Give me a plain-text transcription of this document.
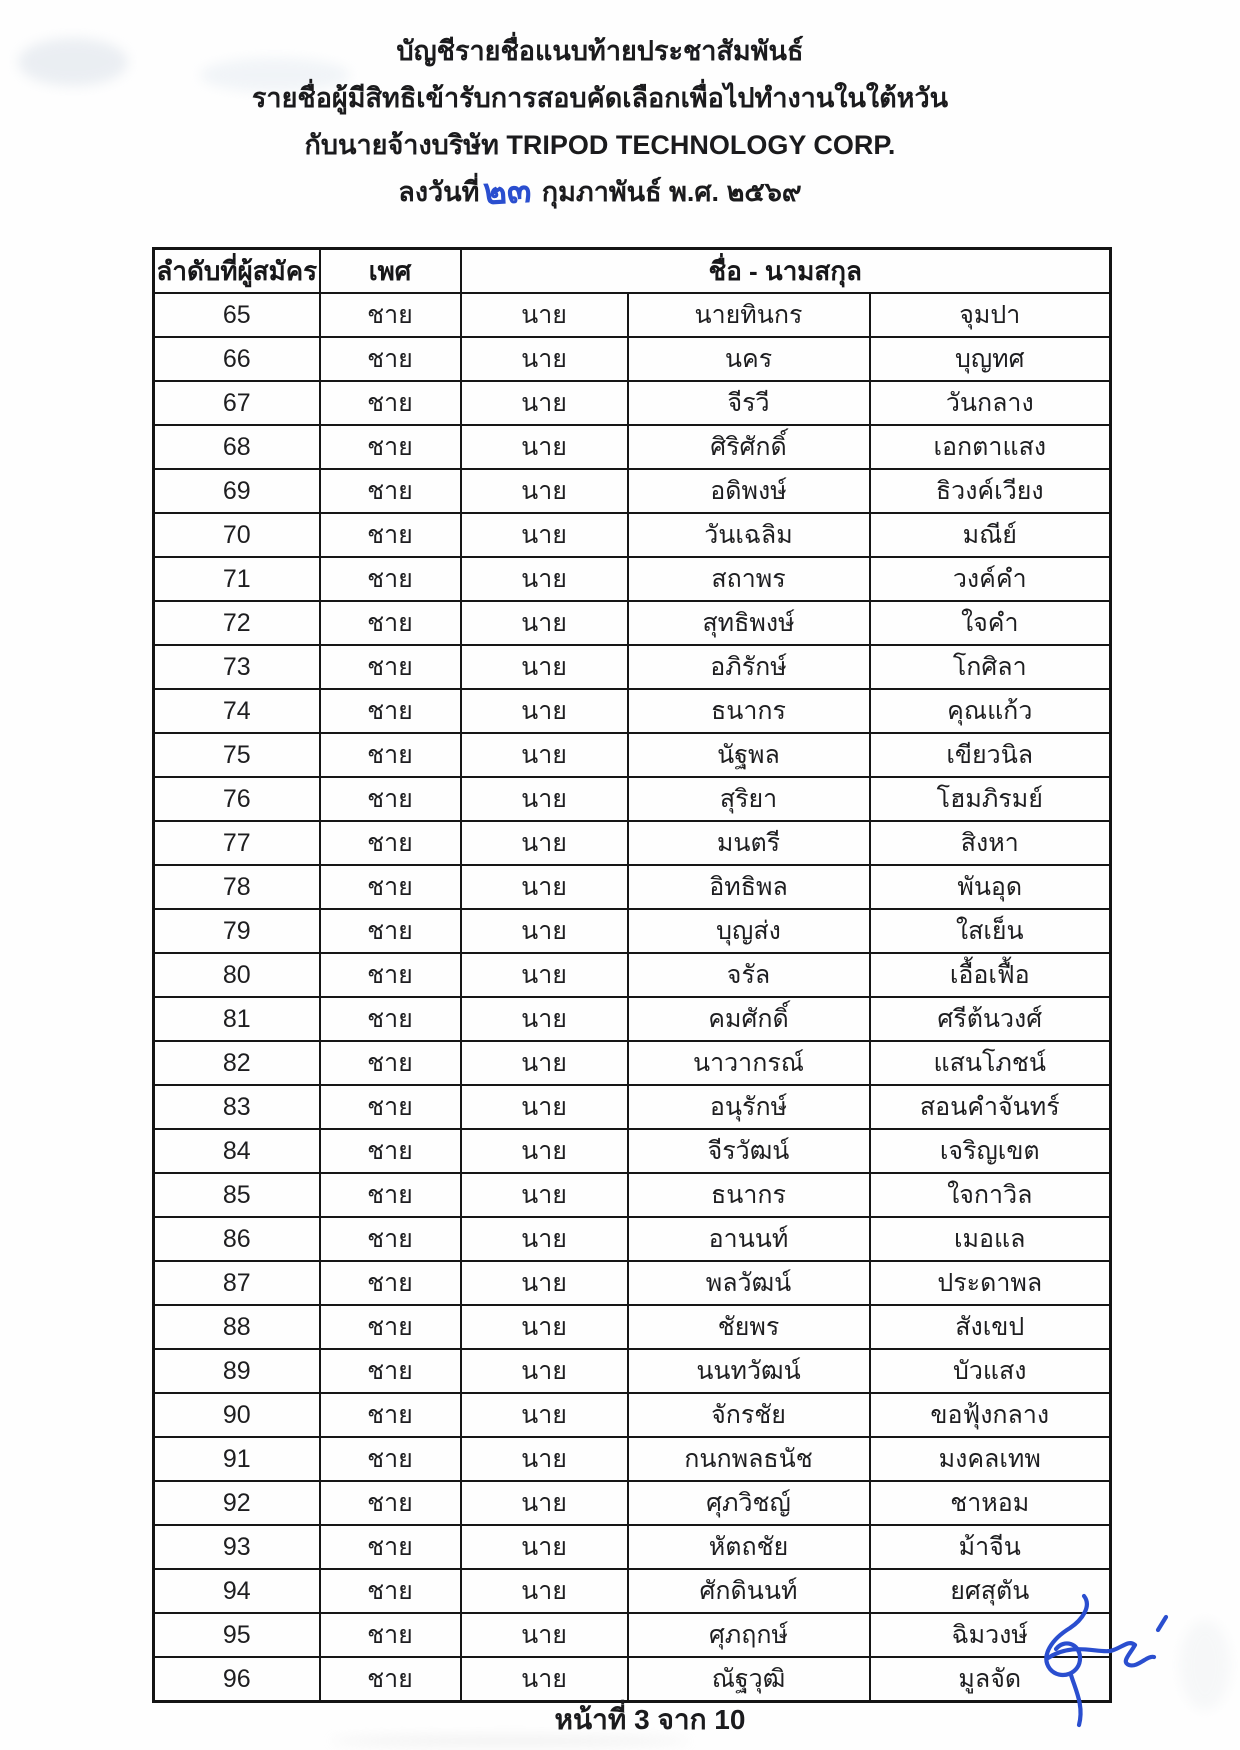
บัญชีรายชื่อแนบท้ายประชาสัมพันธ์
รายชื่อผู้มีสิทธิเข้ารับการสอบคัดเลือกเพื่อไปทำงานในใต้หวัน
กับนายจ้างบริษัท TRIPOD TECHNOLOGY CORP.
ลงวันที่๒๓ กุมภาพันธ์ พ.ศ. ๒๕๖๙
ลำดับที่ผู้สมัคร	เพศ	ชื่อ - นามสกุล		
65	ชาย	นาย	นายทินกร	จุมปา
66	ชาย	นาย	นคร	บุญทศ
67	ชาย	นาย	จีรวี	วันกลาง
68	ชาย	นาย	ศิริศักดิ์	เอกตาแสง
69	ชาย	นาย	อดิพงษ์	ธิวงค์เวียง
70	ชาย	นาย	วันเฉลิม	มณีย์
71	ชาย	นาย	สถาพร	วงค์คำ
72	ชาย	นาย	สุทธิพงษ์	ใจคำ
73	ชาย	นาย	อภิรักษ์	โกศิลา
74	ชาย	นาย	ธนากร	คุณแก้ว
75	ชาย	นาย	นัฐพล	เขียวนิล
76	ชาย	นาย	สุริยา	โฮมภิรมย์
77	ชาย	นาย	มนตรี	สิงหา
78	ชาย	นาย	อิทธิพล	พันอุด
79	ชาย	นาย	บุญส่ง	ใสเย็น
80	ชาย	นาย	จรัล	เอื้อเฟื้อ
81	ชาย	นาย	คมศักดิ์	ศรีต้นวงศ์
82	ชาย	นาย	นาวากรณ์	แสนโภชน์
83	ชาย	นาย	อนุรักษ์	สอนคำจันทร์
84	ชาย	นาย	จีรวัฒน์	เจริญเขต
85	ชาย	นาย	ธนากร	ใจกาวิล
86	ชาย	นาย	อานนท์	เมอแล
87	ชาย	นาย	พลวัฒน์	ประดาพล
88	ชาย	นาย	ชัยพร	สังเขป
89	ชาย	นาย	นนทวัฒน์	บัวแสง
90	ชาย	นาย	จักรชัย	ขอฟุ้งกลาง
91	ชาย	นาย	กนกพลธนัช	มงคลเทพ
92	ชาย	นาย	ศุภวิชญ์	ชาหอม
93	ชาย	นาย	หัตถชัย	ม้าจีน
94	ชาย	นาย	ศักดินนท์	ยศสุตัน
95	ชาย	นาย	ศุภฤกษ์	ฉิมวงษ์
96	ชาย	นาย	ณัฐวุฒิ	มูลจัด
หน้าที่ 3 จาก 10
